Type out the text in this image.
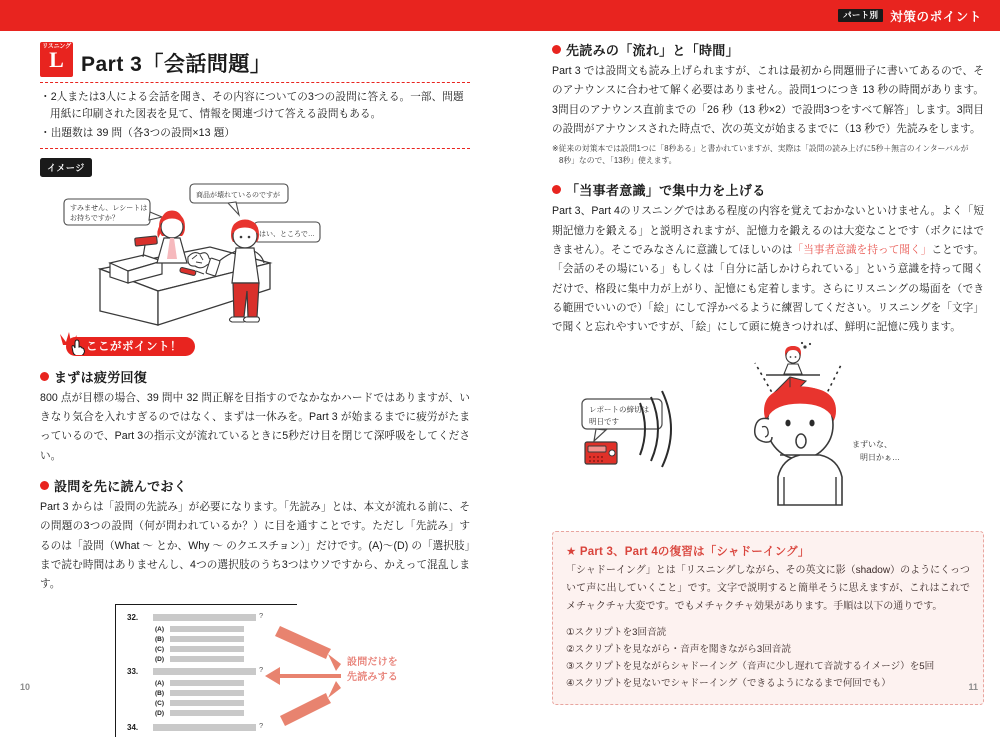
パート別 対策のポイント
リスニング
L Part 3「会話問題」
・2人または3人による会話を聞き、その内容についての3つの設問に答える。一部、問題用紙に印刷された図表を見て、情報を関連づけて答える設問もある。
・出題数は 39 問（各3つの設問×13 題）
イメージ
すみません、レシートは
お持ちですか？
商品が壊れているのですが
はい、ところで…
ここがポイント！
まずは疲労回復
800 点が目標の場合、39 問中 32 問正解を目指すのでなかなかハードではありますが、いきなり気合を入れすぎるのではなく、まずは一休みを。Part 3 が始まるまでに疲労がたまっているので、Part 3の指示文が流れているときに5秒だけ目を閉じて深呼吸をしてください。
設問を先に読んでおく
Part 3 からは「設問の先読み」が必要になります。「先読み」とは、本文が流れる前に、その問題の3つの設問（何が問われているか？）に目を通すことです。ただし「先読み」するのは「設問（What ～ とか、Why ～ のクエスチョン）」だけです。(A)～(D) の「選択肢」まで読む時間はありませんし、4つの選択肢のうち3つはウソですから、かえって混乱します。
32.	?
(A)
(B)
(C)
(D)
33.	?
(A)
(B)
(C)
(D)
34.	?
設問だけを
先読みする
先読みの「流れ」と「時間」
Part 3 では設問文も読み上げられますが、これは最初から問題冊子に書いてあるので、そのアナウンスに合わせて解く必要はありません。設問1つにつき 13 秒の時間があります。3問目のアナウンス直前までの「26 秒（13 秒×2）で設問3つをすべて解答」します。3問目の設問がアナウンスされた時点で、次の英文が始まるまでに（13 秒で）先読みをします。
※従来の対策本では設問1つに「8秒ある」と書かれていますが、実際は「設問の読み上げに5秒＋無言のインターバルが
8秒」なので、「13秒」使えます。
「当事者意識」で集中力を上げる
Part 3、Part 4のリスニングではある程度の内容を覚えておかないといけません。よく「短期記憶力を鍛える」と説明されますが、記憶力を鍛えるのは大変なことです（ボクにはできません）。そこでみなさんに意識してほしいのは「当事者意識を持って聞く」ことです。「会話のその場にいる」もしくは「自分に話しかけられている」という意識を持って聞くだけで、格段に集中力が上がり、記憶にも定着します。さらにリスニングの場面を（できる範囲でいいので）「絵」にして浮かべるように練習してください。リスニングを「文字」で聞くと忘れやすいですが、「絵」にして頭に焼きつければ、鮮明に記憶に残ります。
レポートの締切は
明日です
まずいな、
明日かぁ…
★ Part 3、Part 4の復習は「シャドーイング」
「シャドーイング」とは「リスニングしながら、その英文に影（shadow）のようにくっついて声に出していくこと」です。文字で説明すると簡単そうに思えますが、これはこれでメチャクチャ大変です。でもメチャクチャ効果があります。手順は以下の通りです。
①スクリプトを3回音読
②スクリプトを見ながら・音声を聞きながら3回音読
③スクリプトを見ながらシャドーイング（音声に少し遅れて音読するイメージ）を5回
④スクリプトを見ないでシャドーイング（できるようになるまで何回でも）
10	11
